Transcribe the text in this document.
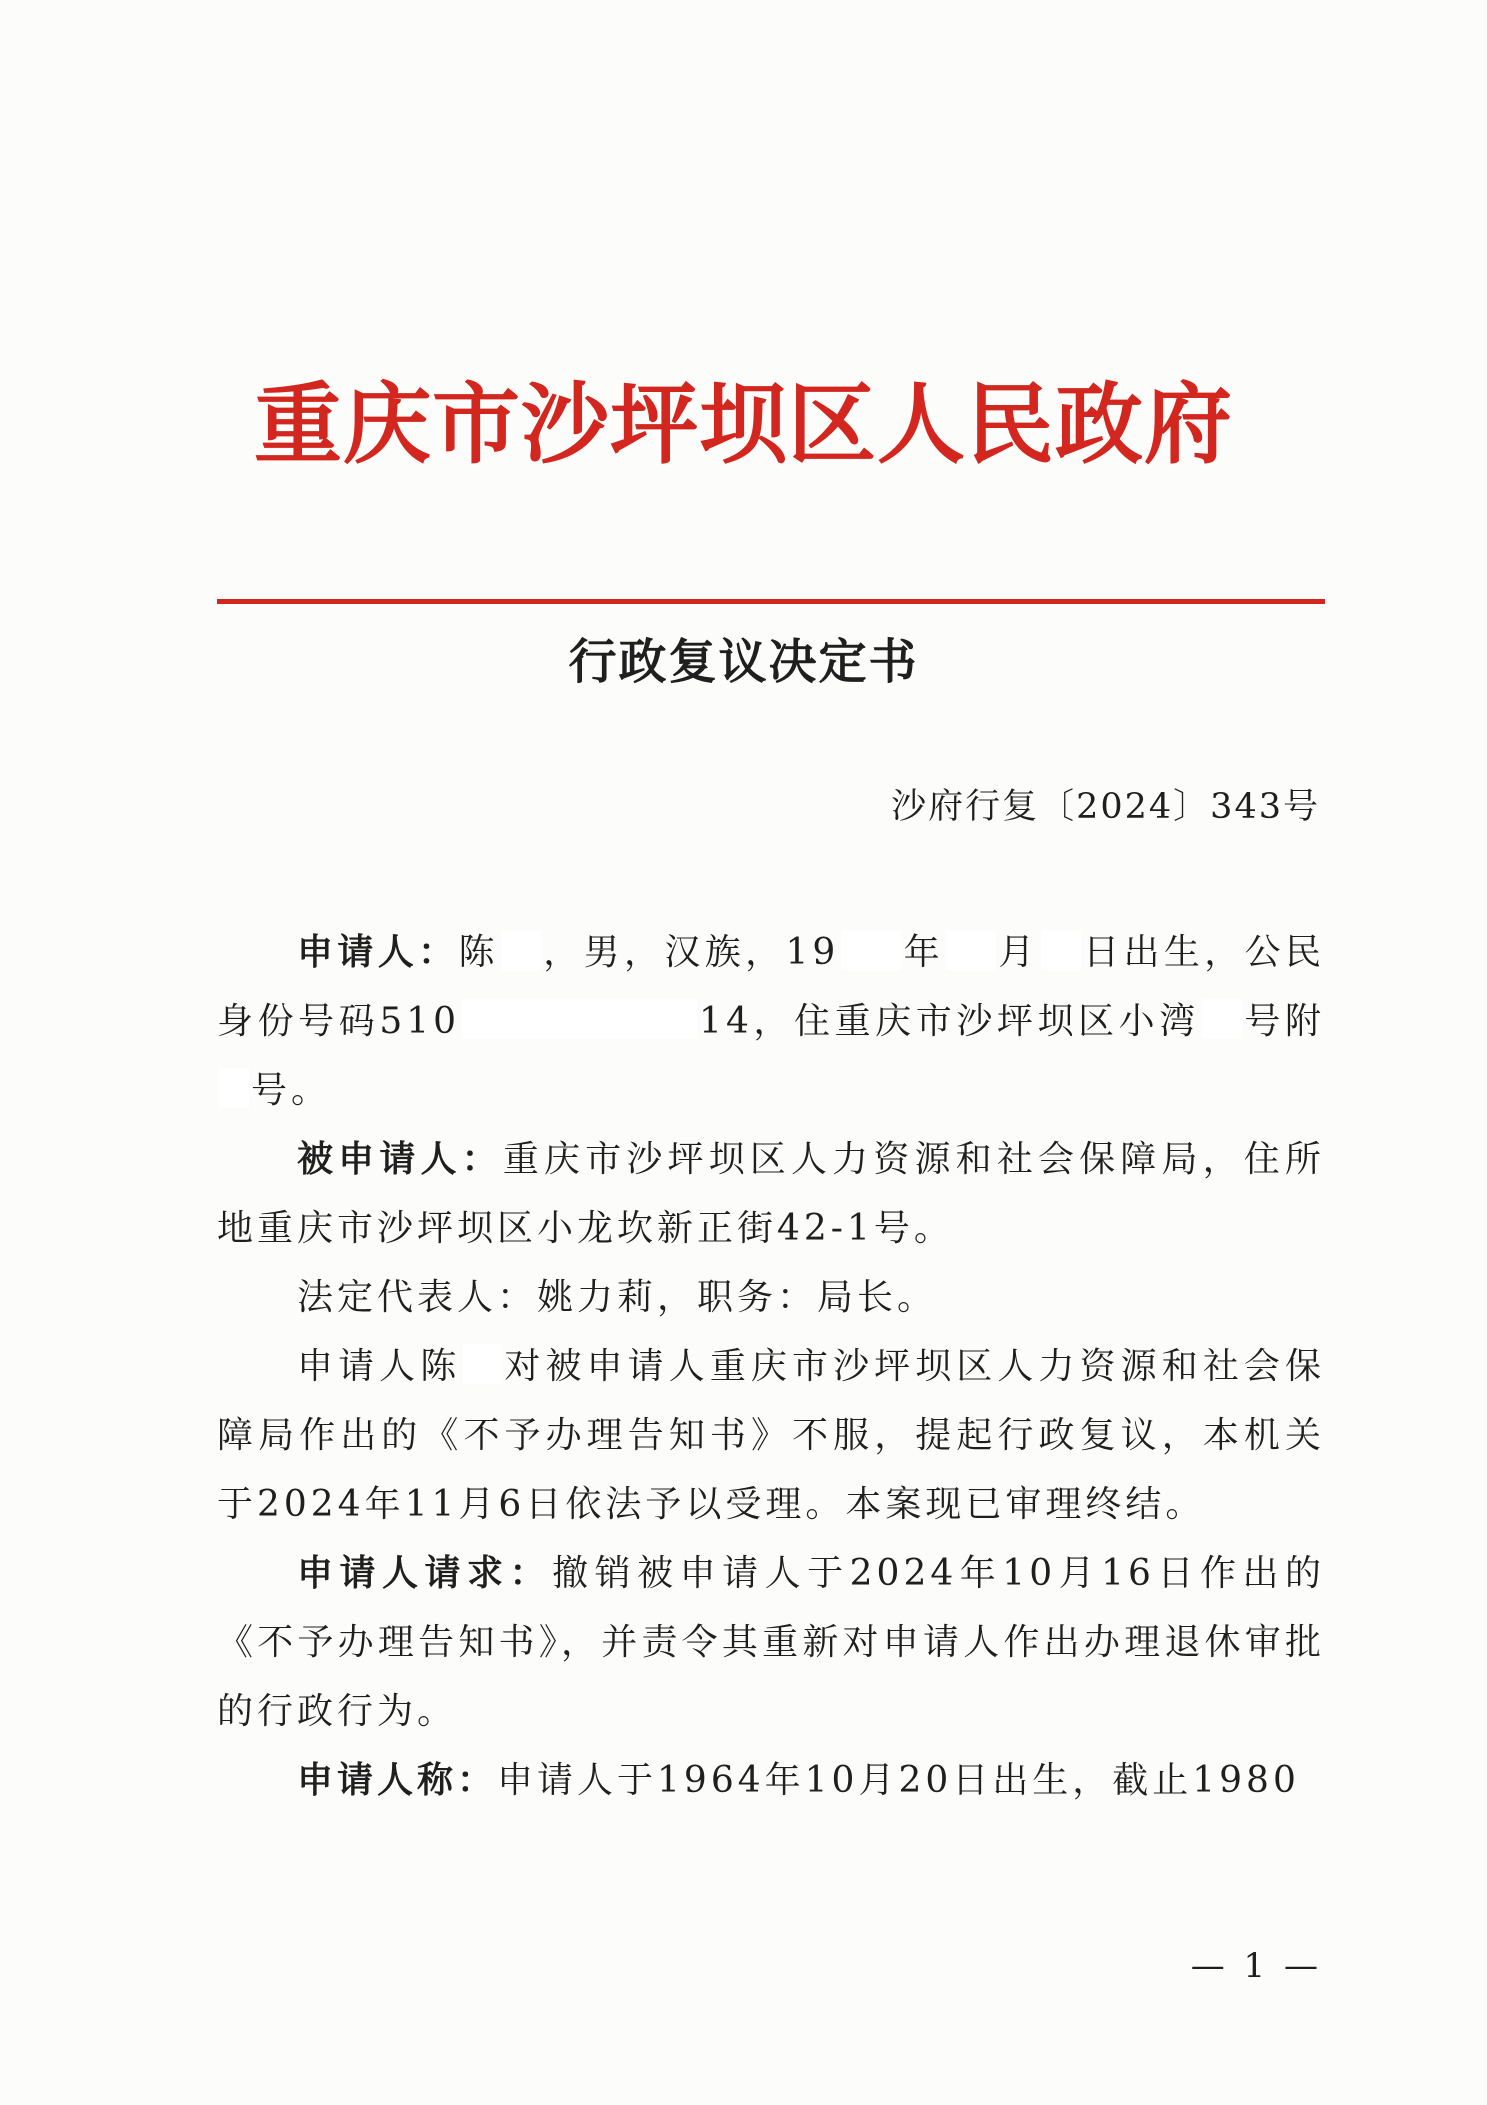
重庆市沙坪坝区人民政府
行政复议决定书
沙府行复〔2024〕343号

申请人：陈 ，男，汉族，19 年 月 日出生，公民身份号码510	14，住重庆市沙坪坝区小湾 号附号。

被申请人：重庆市沙坪坝区人力资源和社会保障局，住所地重庆市沙坪坝区小龙坎新正街42-1号。

法定代表人：姚力莉，职务：局长。

申请人陈 对被申请人重庆市沙坪坝区人力资源和社会保障局作出的《不予办理告知书》不服，提起行政复议，本机关于2024年11月6日依法予以受理。本案现已审理终结。

申请人请求：撤销被申请人于2024年10月16日作出的《不予办理告知书》，并责令其重新对申请人作出办理退休审批的行政行为。

申请人称：申请人于1964年10月20日出生，截止1980

— 1 —
